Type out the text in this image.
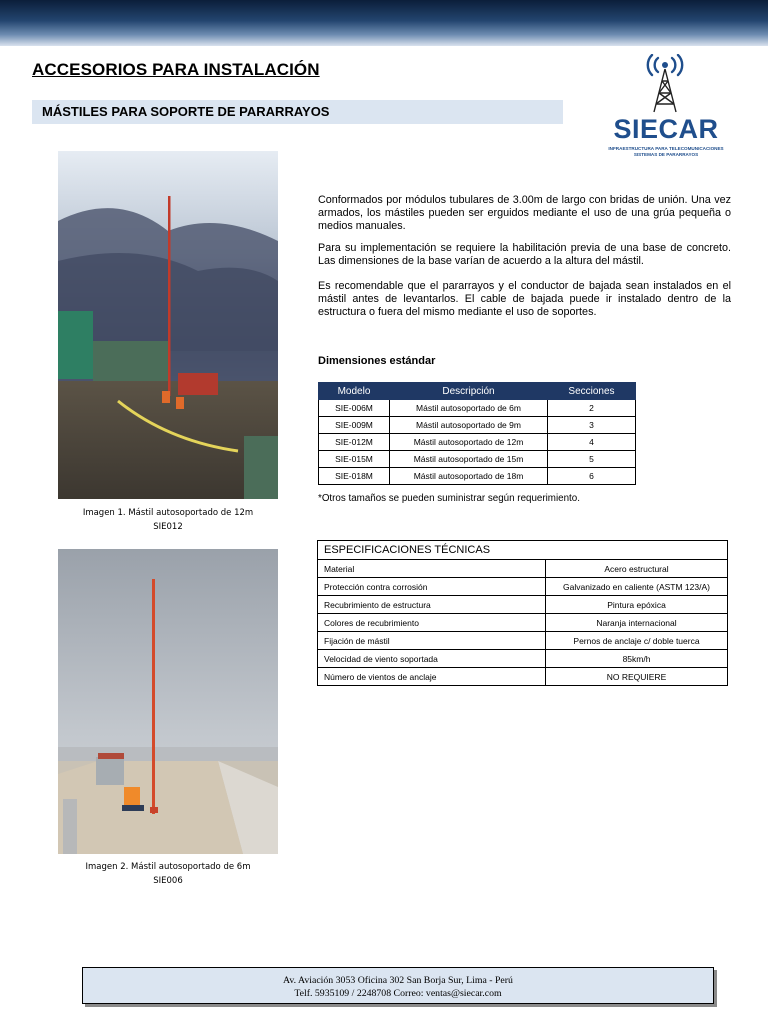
ACCESORIOS PARA INSTALACIÓN
MÁSTILES PARA SOPORTE DE PARARRAYOS
SIECAR
INFRAESTRUCTURA PARA TELECOMUNICACIONES
SISTEMAS DE PARARRAYOS
Imagen 1. Mástil autosoportado de 12m
SIE012
Imagen 2. Mástil autosoportado de 6m
SIE006
Conformados por módulos tubulares de 3.00m de largo con bridas de unión. Una vez armados, los mástiles pueden ser erguidos mediante el uso de una grúa pequeña o medios manuales.
Para su implementación se requiere la habilitación previa de una base de concreto. Las dimensiones de la base varían de acuerdo a la altura del mástil.
Es recomendable que el pararrayos y el conductor de bajada sean instalados en el mástil antes de levantarlos. El cable de bajada puede ir instalado dentro de la estructura o fuera del mismo mediante el uso de soportes.
Dimensiones estándar
Modelo	Descripción	Secciones
SIE-006M	Mástil autosoportado de 6m	2
SIE-009M	Mástil autosoportado de 9m	3
SIE-012M	Mástil autosoportado de 12m	4
SIE-015M	Mástil autosoportado de 15m	5
SIE-018M	Mástil autosoportado de 18m	6
*Otros tamaños se pueden suministrar según requerimiento.
ESPECIFICACIONES TÉCNICAS	
Material	Acero estructural
Protección contra corrosión	Galvanizado en caliente (ASTM 123/A)
Recubrimiento de estructura	Pintura epóxica
Colores de recubrimiento	Naranja internacional
Fijación de mástil	Pernos de anclaje c/ doble tuerca
Velocidad de viento soportada	85km/h
Número de vientos de anclaje	NO REQUIERE
Av. Aviación 3053 Oficina 302 San Borja Sur, Lima - Perú
Telf. 5935109 / 2248708 Correo: ventas@siecar.com
